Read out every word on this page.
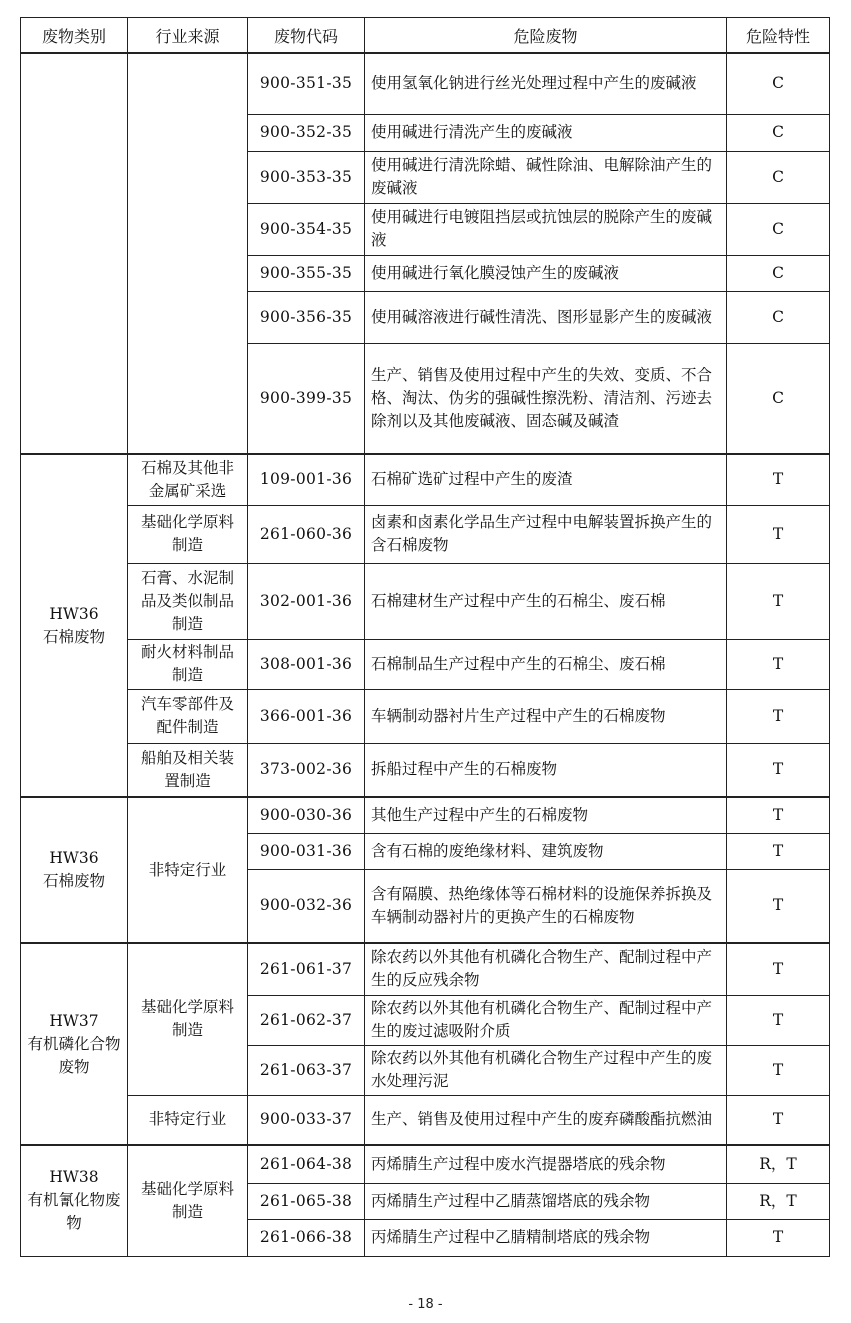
废物类别	行业来源	废物代码	危险废物	危险特性
		900-351-35	使用氢氧化钠进行丝光处理过程中产生的废碱液	C
		900-352-35	使用碱进行清洗产生的废碱液	C
		900-353-35	使用碱进行清洗除蜡、碱性除油、电解除油产生的废碱液	C
		900-354-35	使用碱进行电镀阻挡层或抗蚀层的脱除产生的废碱液	C
		900-355-35	使用碱进行氧化膜浸蚀产生的废碱液	C
		900-356-35	使用碱溶液进行碱性清洗、图形显影产生的废碱液	C
		900-399-35	生产、销售及使用过程中产生的失效、变质、不合格、淘汰、伪劣的强碱性擦洗粉、清洁剂、污迹去除剂以及其他废碱液、固态碱及碱渣	C

HW36
石棉废物	石棉及其他非金属矿采选	109-001-36	石棉矿选矿过程中产生的废渣	T
	基础化学原料制造	261-060-36	卤素和卤素化学品生产过程中电解装置拆换产生的含石棉废物	T
	石膏、水泥制品及类似制品制造	302-001-36	石棉建材生产过程中产生的石棉尘、废石棉	T
	耐火材料制品制造	308-001-36	石棉制品生产过程中产生的石棉尘、废石棉	T
	汽车零部件及配件制造	366-001-36	车辆制动器衬片生产过程中产生的石棉废物	T
	船舶及相关装置制造	373-002-36	拆船过程中产生的石棉废物	T

HW36
石棉废物	非特定行业	900-030-36	其他生产过程中产生的石棉废物	T
		900-031-36	含有石棉的废绝缘材料、建筑废物	T
		900-032-36	含有隔膜、热绝缘体等石棉材料的设施保养拆换及车辆制动器衬片的更换产生的石棉废物	T

HW37
有机磷化合物废物	基础化学原料制造	261-061-37	除农药以外其他有机磷化合物生产、配制过程中产生的反应残余物	T
		261-062-37	除农药以外其他有机磷化合物生产、配制过程中产生的废过滤吸附介质	T
		261-063-37	除农药以外其他有机磷化合物生产过程中产生的废水处理污泥	T
	非特定行业	900-033-37	生产、销售及使用过程中产生的废弃磷酸酯抗燃油	T

HW38
有机氰化物废物	基础化学原料制造	261-064-38	丙烯腈生产过程中废水汽提器塔底的残余物	R，T
		261-065-38	丙烯腈生产过程中乙腈蒸馏塔底的残余物	R，T
		261-066-38	丙烯腈生产过程中乙腈精制塔底的残余物	T
- 18 -
